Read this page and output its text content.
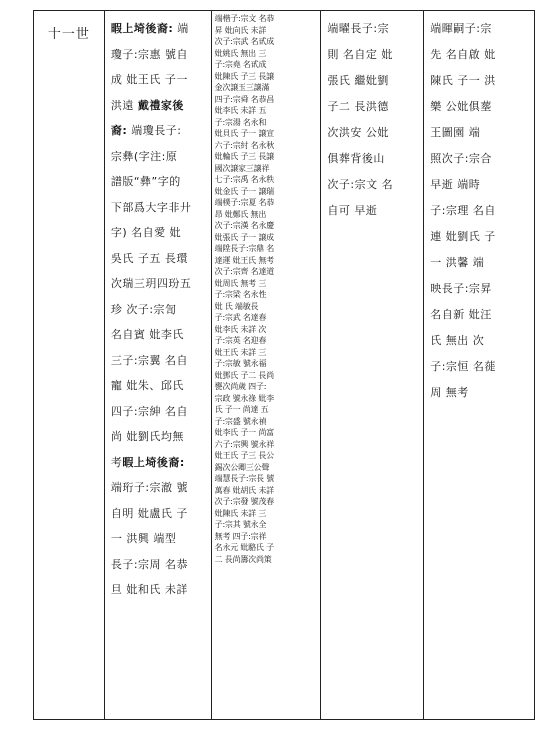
十一世	暇上埼後裔: 端
瓊子:宗惠 號自
成 妣王氏 子一
洪遠 戴禮家後
裔: 端瓊長子:
宗彝(字注:原
譜版“彝”字的
下部爲大字非廾
字) 名自愛 妣
吳氏 子五 長環
次瑞三玥四玢五
珍 次子:宗訇
名自賓 妣李氏
三子:宗翼 名自
寵 妣朱、邱氏
四子:宗紳 名自
尚 妣劉氏均無
考暇上埼後裔:
端珩子:宗澈 號
自明 妣盧氏 子
一 洪興 端型
長子:宗周 名恭
旦 妣和氏 未詳
端楷子:宗文 名恭
昇 妣向氏 未詳
次子:宗武 名甙成
妣姚氏 無出 三
子:宗堯 名甙成
妣陳氏 子三 長譲
金次譲玉三譲滿
四子:宗舜 名恭昌
妣李氏 未詳 五
子:宗湯 名永和
妣貝氏 子一 譲宣
六子:宗紂 名永秋
妣輪氏 子三 長譲
國次譲家三譲祥
七子:宗禹 名永秩
妣金氏 子一 譲瑞
端樸子:宗夏 名恭
昂 妣鄭氏 無出
次子:宗漢 名永慶
妣張氏 子一 譲成
端陞長子:宗鼎 名
達運 妣王氏 無考
次子:宗齊 名達道
妣周氏 無考 三
子:宗梁 名永性
妣 氏 端敏長
子:宗武 名達春
妣李氏 未詳 次
子:宗英 名迎春
妣王氏 未詳 三
子:宗敏 號永福
妣鄧氏 子二 長尚
甕次尚歲 四子:
宗政 號永祿 妣李
氏 子一 尚達 五
子:宗盛 號永禎
妣李氏 子一 尚富
六子:宗興 號永祥
妣王氏 子三 長公
錫次公卿三公聲
端慧長子:宗長 號
萬春 妣胡氏 未詳
次子:宗發 號茂春
妣陳氏 未詳 三
子:宗其 號永全
無考 四子:宗祥
名永元 妣駱氏 子
二 長尚籌次尚策
端曜長子:宗
則 名自定 妣
張氏 繼妣劉
子二 長洪德
次洪安 公妣
俱葬背後山
次子:宗文 名
自可 早逝
端暉嗣子:宗
先 名自啟 妣
陳氏 子一 洪
樂 公妣俱塟
王圖園 端
照次子:宗合
早逝 端時
子:宗理 名自
連 妣劉氏 子
一 洪馨 端
映長子:宗昇
名自新 妣汪
氏 無出 次
子:宗恒 名蓰
周 無考
